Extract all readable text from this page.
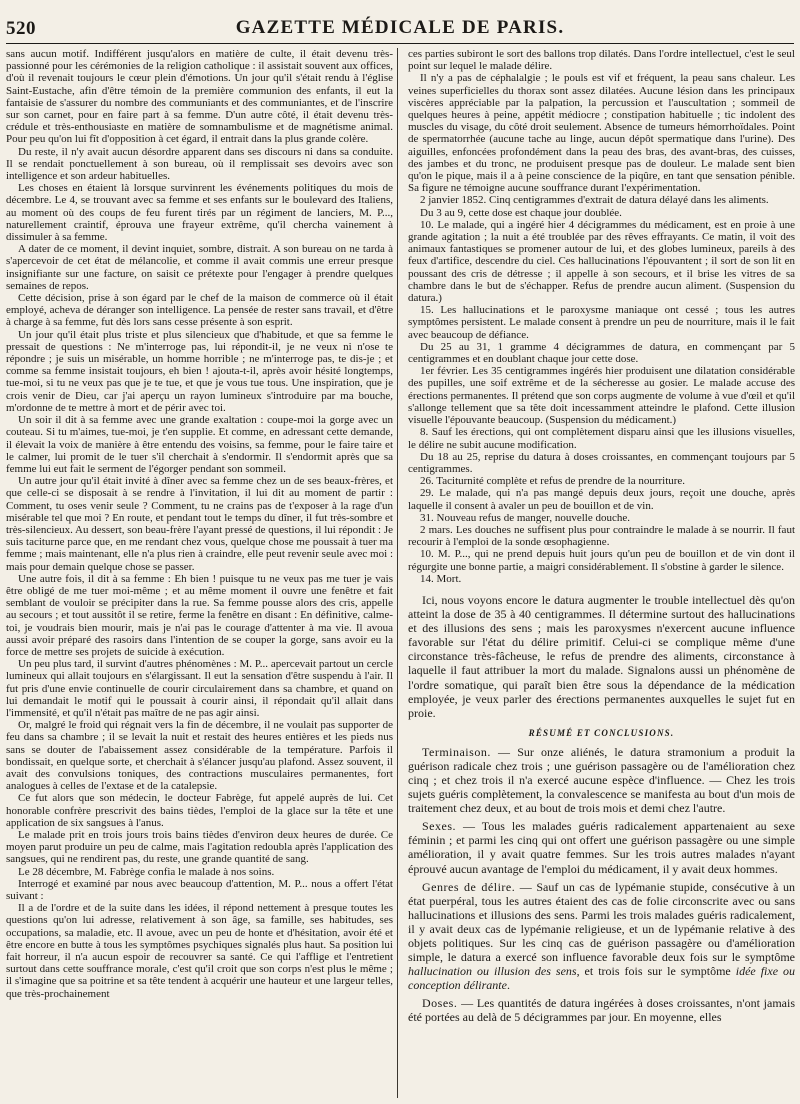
520	GAZETTE MÉDICALE DE PARIS.

sans aucun motif. Indifférent jusqu'alors en matière de culte, il était devenu très-passionné pour les cérémonies de la religion catholique : il assistait souvent aux offices, d'où il revenait toujours le cœur plein d'émotions. Un jour qu'il s'était rendu à l'église Saint-Eustache, afin d'être témoin de la première communion des enfants, il eut la fantaisie de s'assurer du nombre des communiants et des communiantes, et de l'inscrire sur son carnet, pour en faire part à sa femme. D'un autre côté, il était devenu très-crédule et très-enthousiaste en matière de somnambulisme et de magnétisme animal. Pour peu qu'on lui fît d'opposition à cet égard, il entrait dans la plus grande colère.

Du reste, il n'y avait aucun désordre apparent dans ses discours ni dans sa conduite. Il se rendait ponctuellement à son bureau, où il remplissait ses devoirs avec son intelligence et son ardeur habituelles.

Les choses en étaient là lorsque survinrent les événements politiques du mois de décembre. Le 4, se trouvant avec sa femme et ses enfants sur le boulevard des Italiens, au moment où des coups de feu furent tirés par un régiment de lanciers, M. P..., naturellement craintif, éprouva une frayeur extrême, qu'il chercha vainement à dissimuler à sa femme.

A dater de ce moment, il devint inquiet, sombre, distrait. A son bureau on ne tarda à s'apercevoir de cet état de mélancolie, et comme il avait commis une erreur presque insignifiante sur une facture, on saisit ce prétexte pour l'engager à prendre quelques semaines de repos.

Cette décision, prise à son égard par le chef de la maison de commerce où il était employé, acheva de déranger son intelligence. La pensée de rester sans travail, et d'être à charge à sa femme, fut dès lors sans cesse présente à son esprit.

Un jour qu'il était plus triste et plus silencieux que d'habitude, et que sa femme le pressait de questions : Ne m'interroge pas, lui répondit-il, je ne veux ni n'ose te répondre ; je suis un misérable, un homme horrible ; ne m'interroge pas, te dis-je ; et comme sa femme insistait toujours, eh bien ! ajouta-t-il, après avoir hésité longtemps, tue-moi, si tu ne veux pas que je te tue, et que je vous tue tous. Une inspiration, que je crois venir de Dieu, car j'ai aperçu un rayon lumineux s'introduire par ma bouche, m'ordonne de te mettre à mort et de périr avec toi.

Un soir il dit à sa femme avec une grande exaltation : coupe-moi la gorge avec un couteau. Si tu m'aimes, tue-moi, je t'en supplie. Et comme, en adressant cette demande, il élevait la voix de manière à être entendu des voisins, sa femme, pour le faire taire et le calmer, lui promit de le tuer s'il cherchait à s'endormir. Il s'endormit après que sa femme lui eut fait le serment de l'égorger pendant son sommeil.

Un autre jour qu'il était invité à dîner avec sa femme chez un de ses beaux-frères, et que celle-ci se disposait à se rendre à l'invitation, il lui dit au moment de partir : Comment, tu oses venir seule ? Comment, tu ne crains pas de t'exposer à la rage d'un misérable tel que moi ? En route, et pendant tout le temps du dîner, il fut très-sombre et très-silencieux. Au dessert, son beau-frère l'ayant pressé de questions, il lui répondit : Je suis taciturne parce que, en me rendant chez vous, quelque chose me poussait à tuer ma femme ; mais maintenant, elle n'a plus rien à craindre, elle peut revenir seule avec moi : mais pour demain quelque chose se passer.

Une autre fois, il dit à sa femme : Eh bien ! puisque tu ne veux pas me tuer je vais être obligé de me tuer moi-même ; et au même moment il ouvre une fenêtre et fait semblant de vouloir se précipiter dans la rue. Sa femme pousse alors des cris, appelle au secours ; et tout aussitôt il se retire, ferme la fenêtre en disant : En définitive, calme-toi, je voudrais bien mourir, mais je n'ai pas le courage d'attenter à ma vie. Il avoua aussi avoir préparé des rasoirs dans l'intention de se couper la gorge, sans avoir eu la force de mettre ses projets de suicide à exécution.

Un peu plus tard, il survint d'autres phénomènes : M. P... apercevait partout un cercle lumineux qui allait toujours en s'élargissant. Il eut la sensation d'être suspendu à l'air. Il fut pris d'une envie continuelle de courir circulairement dans sa chambre, et quand on lui demandait le motif qui le poussait à courir ainsi, il répondait qu'il allait dans l'immensité, et qu'il n'était pas maître de ne pas agir ainsi.

Or, malgré le froid qui régnait vers la fin de décembre, il ne voulait pas supporter de feu dans sa chambre ; il se levait la nuit et restait des heures entières et les pieds nus sans se douter de l'abaissement assez considérable de la température. Parfois il bondissait, en quelque sorte, et cherchait à s'élancer jusqu'au plafond. Assez souvent, il avait des convulsions toniques, des contractions musculaires permanentes, fort analogues à celles de l'extase et de la catalepsie.

Ce fut alors que son médecin, le docteur Fabrège, fut appelé auprès de lui. Cet honorable confrère prescrivit des bains tièdes, l'emploi de la glace sur la tête et une application de six sangsues à l'anus.

Le malade prit en trois jours trois bains tièdes d'environ deux heures de durée. Ce moyen parut produire un peu de calme, mais l'agitation redoubla après l'application des sangsues, qui ne rendirent pas, du reste, une grande quantité de sang.

Le 28 décembre, M. Fabrège confia le malade à nos soins.

Interrogé et examiné par nous avec beaucoup d'attention, M. P... nous a offert l'état suivant :

Il a de l'ordre et de la suite dans les idées, il répond nettement à presque toutes les questions qu'on lui adresse, relativement à son âge, sa famille, ses habitudes, ses occupations, sa maladie, etc. Il avoue, avec un peu de honte et d'hésitation, avoir été et être encore en butte à tous les symptômes psychiques signalés plus haut. Sa position lui fait horreur, il n'a aucun espoir de recouvrer sa santé. Ce qui l'afflige et l'entretient surtout dans cette souffrance morale, c'est qu'il croit que son corps n'est plus le même ; il s'imagine que sa poitrine et sa tête tendent à acquérir une hauteur et une largeur telles, que très-prochainement

ces parties subiront le sort des ballons trop dilatés. Dans l'ordre intellectuel, c'est le seul point sur lequel le malade délire.

Il n'y a pas de céphalalgie ; le pouls est vif et fréquent, la peau sans chaleur. Les veines superficielles du thorax sont assez dilatées. Aucune lésion dans les principaux viscères appréciable par la palpation, la percussion et l'auscultation ; sommeil de quelques heures à peine, appétit médiocre ; constipation habituelle ; tic indolent des muscles du visage, du côté droit seulement. Absence de tumeurs hémorrhoïdales. Point de spermatorrhée (aucune tache au linge, aucun dépôt spermatique dans l'urine). Des aiguilles, enfoncées profondément dans la peau des bras, des avant-bras, des cuisses, des jambes et du tronc, ne produisent presque pas de douleur. Le malade sent bien qu'on le pique, mais il a à peine conscience de la piqûre, en tant que sensation pénible. Sa figure ne témoigne aucune souffrance durant l'expérimentation.

2 janvier 1852. Cinq centigrammes d'extrait de datura délayé dans les aliments.

Du 3 au 9, cette dose est chaque jour doublée.

10. Le malade, qui a ingéré hier 4 décigrammes du médicament, est en proie à une grande agitation ; la nuit a été troublée par des rêves effrayants. Ce matin, il voit des animaux fantastiques se promener autour de lui, et des globes lumineux, pareils à des feux d'artifice, descendre du ciel. Ces hallucinations l'épouvantent ; il sort de son lit en poussant des cris de détresse ; il appelle à son secours, et il brise les vitres de sa chambre dans le but de s'échapper. Refus de prendre aucun aliment. (Suspension du datura.)

15. Les hallucinations et le paroxysme maniaque ont cessé ; tous les autres symptômes persistent. Le malade consent à prendre un peu de nourriture, mais il le fait avec beaucoup de défiance.

Du 25 au 31, 1 gramme 4 décigrammes de datura, en commençant par 5 centigrammes et en doublant chaque jour cette dose.

1er février. Les 35 centigrammes ingérés hier produisent une dilatation considérable des pupilles, une soif extrême et de la sécheresse au gosier. Le malade accuse des érections permanentes. Il prétend que son corps augmente de volume à vue d'œil et qu'il s'allonge tellement que sa tête doit incessamment atteindre le plafond. Cette illusion visuelle l'épouvante beaucoup. (Suspension du médicament.)

8. Sauf les érections, qui ont complètement disparu ainsi que les illusions visuelles, le délire ne subit aucune modification.

Du 18 au 25, reprise du datura à doses croissantes, en commençant toujours par 5 centigrammes.

26. Taciturnité complète et refus de prendre de la nourriture.

29. Le malade, qui n'a pas mangé depuis deux jours, reçoit une douche, après laquelle il consent à avaler un peu de bouillon et de vin.

31. Nouveau refus de manger, nouvelle douche.

2 mars. Les douches ne suffisent plus pour contraindre le malade à se nourrir. Il faut recourir à l'emploi de la sonde œsophagienne.

10. M. P..., qui ne prend depuis huit jours qu'un peu de bouillon et de vin dont il régurgite une bonne partie, a maigri considérablement. Il s'obstine à garder le silence.

14. Mort.

Ici, nous voyons encore le datura augmenter le trouble intellectuel dès qu'on atteint la dose de 35 à 40 centigrammes. Il détermine surtout des hallucinations et des illusions des sens ; mais les paroxysmes n'exercent aucune influence favorable sur l'état du délire primitif. Celui-ci se complique même d'une circonstance très-fâcheuse, le refus de prendre des aliments, circonstance à laquelle il faut attribuer la mort du malade. Signalons aussi un phénomène de l'ordre somatique, qui paraît bien être sous la dépendance de la médication employée, je veux parler des érections permanentes auxquelles le sujet fut en proie.

RÉSUMÉ ET CONCLUSIONS.

Terminaison. — Sur onze aliénés, le datura stramonium a produit la guérison radicale chez trois ; une guérison passagère ou de l'amélioration chez cinq ; et chez trois il n'a exercé aucune espèce d'influence. — Chez les trois sujets guéris complètement, la convalescence se manifesta au bout d'un mois de traitement chez deux, et au bout de trois mois et demi chez l'autre.

Sexes. — Tous les malades guéris radicalement appartenaient au sexe féminin ; et parmi les cinq qui ont offert une guérison passagère ou une simple amélioration, il y avait quatre femmes. Sur les trois autres malades n'ayant éprouvé aucun avantage de l'emploi du médicament, il y avait deux hommes.

Genres de délire. — Sauf un cas de lypémanie stupide, consécutive à un état puerpéral, tous les autres étaient des cas de folie circonscrite avec ou sans hallucinations et illusions des sens. Parmi les trois malades guéris radicalement, il y avait deux cas de lypémanie religieuse, et un de lypémanie relative à des objets politiques. Sur les cinq cas de guérison passagère ou d'amélioration simple, le datura a exercé son influence favorable deux fois sur le symptôme hallucination ou illusion des sens, et trois fois sur le symptôme idée fixe ou conception délirante.

Doses. — Les quantités de datura ingérées à doses croissantes, n'ont jamais été portées au delà de 5 décigrammes par jour. En moyenne, elles
